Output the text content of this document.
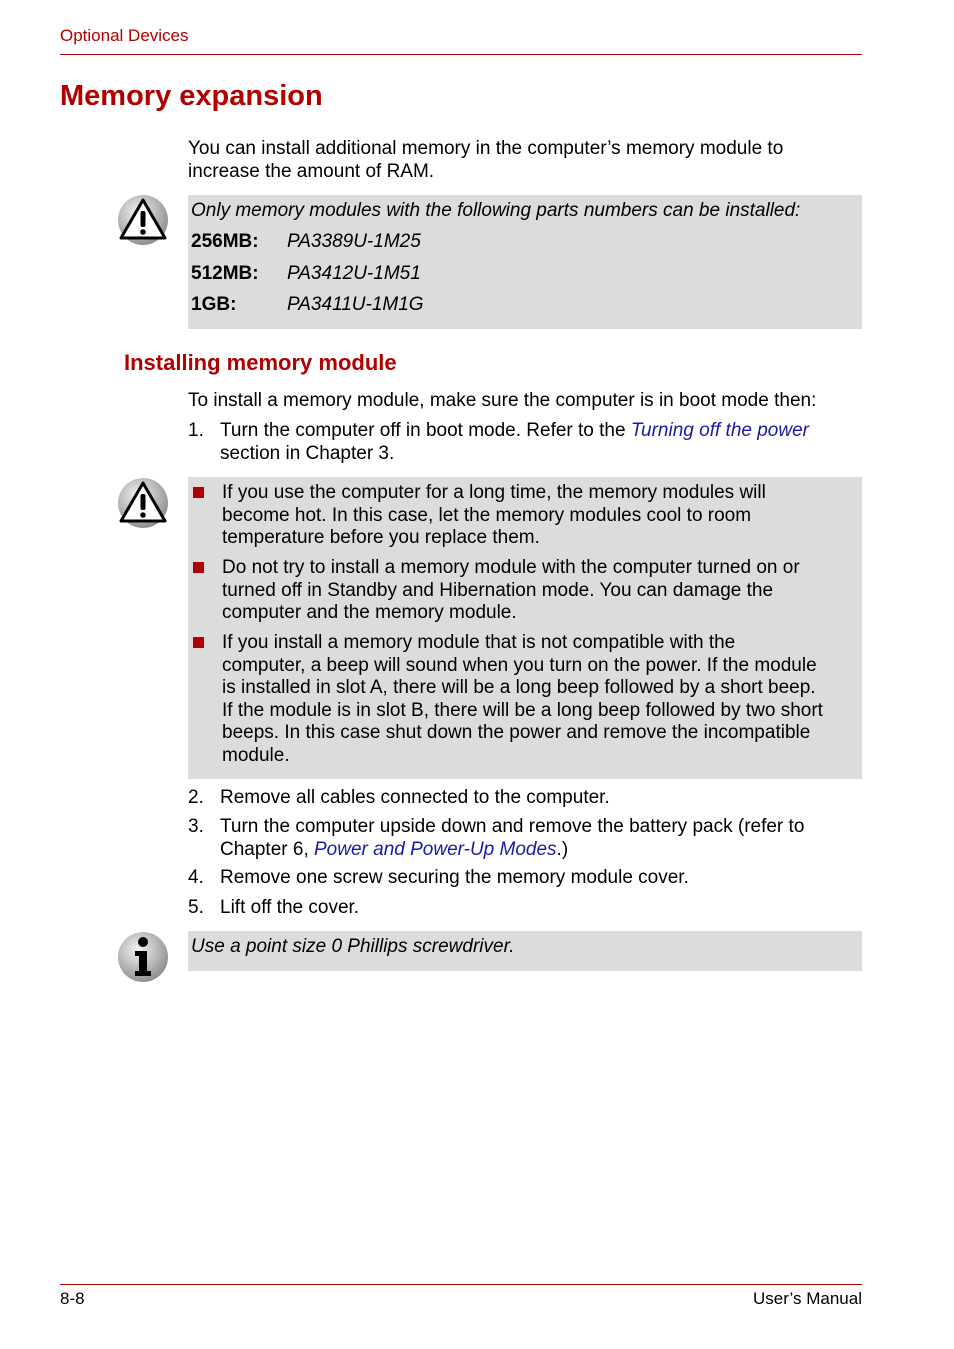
Optional Devices
Memory expansion
You can install additional memory in the computer’s memory module to
increase the amount of RAM.
Only memory modules with the following parts numbers can be installed:
256MB: PA3389U-1M25
512MB: PA3412U-1M51
1GB:	PA3411U-1M1G
Installing memory module
To install a memory module, make sure the computer is in boot mode then:
1. Turn the computer off in boot mode. Refer to the Turning off the power
section in Chapter 3.
If you use the computer for a long time, the memory modules will
become hot. In this case, let the memory modules cool to room
temperature before you replace them.
Do not try to install a memory module with the computer turned on or
turned off in Standby and Hibernation mode. You can damage the
computer and the memory module.
If you install a memory module that is not compatible with the
computer, a beep will sound when you turn on the power. If the module
is installed in slot A, there will be a long beep followed by a short beep.
If the module is in slot B, there will be a long beep followed by two short
beeps. In this case shut down the power and remove the incompatible
module.
2. Remove all cables connected to the computer.
3. Turn the computer upside down and remove the battery pack (refer to
Chapter 6, Power and Power-Up Modes.)
4. Remove one screw securing the memory module cover.
5. Lift off the cover.
Use a point size 0 Phillips screwdriver.
8-8	User’s Manual
